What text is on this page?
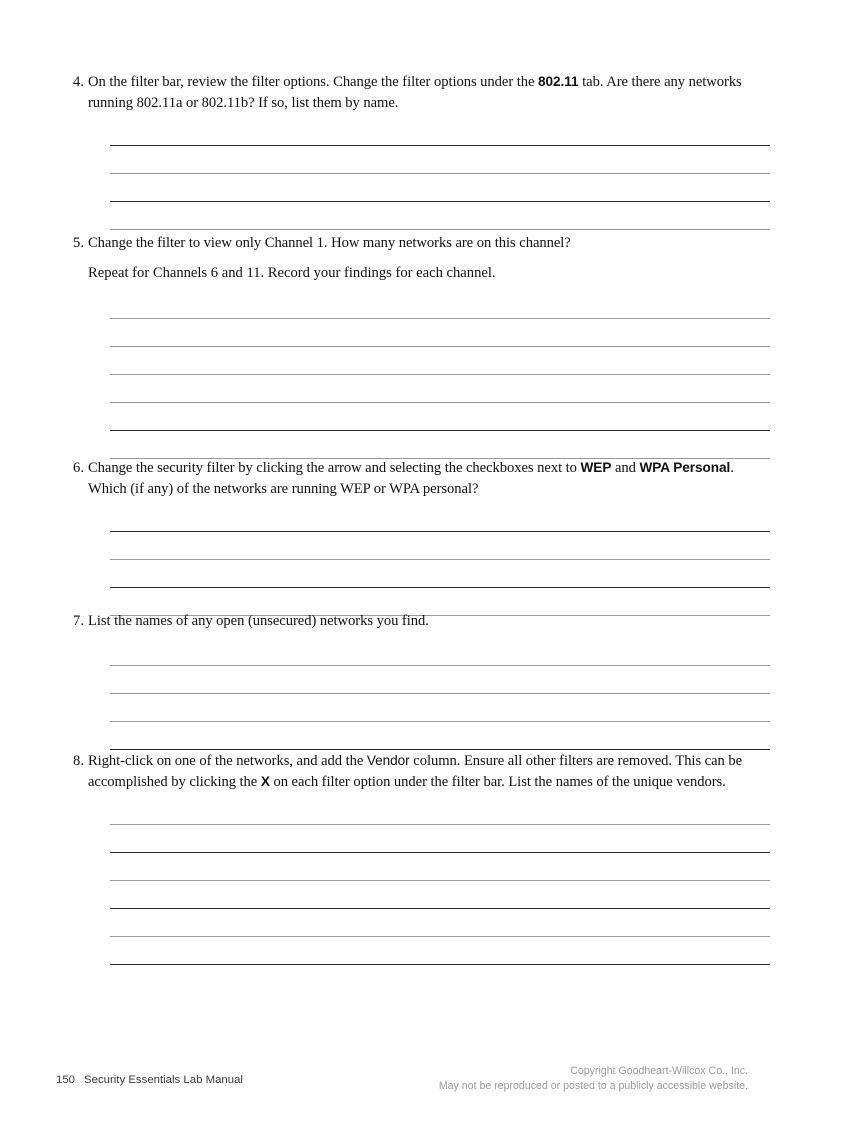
4. On the filter bar, review the filter options. Change the filter options under the 802.11 tab. Are there any networks running 802.11a or 802.11b? If so, list them by name.
5. Change the filter to view only Channel 1. How many networks are on this channel?
Repeat for Channels 6 and 11. Record your findings for each channel.
6. Change the security filter by clicking the arrow and selecting the checkboxes next to WEP and WPA Personal. Which (if any) of the networks are running WEP or WPA personal?
7. List the names of any open (unsecured) networks you find.
8. Right-click on one of the networks, and add the Vendor column. Ensure all other filters are removed. This can be accomplished by clicking the X on each filter option under the filter bar. List the names of the unique vendors.
150 Security Essentials Lab Manual
Copyright Goodheart-Willcox Co., Inc.
May not be reproduced or posted to a publicly accessible website.
